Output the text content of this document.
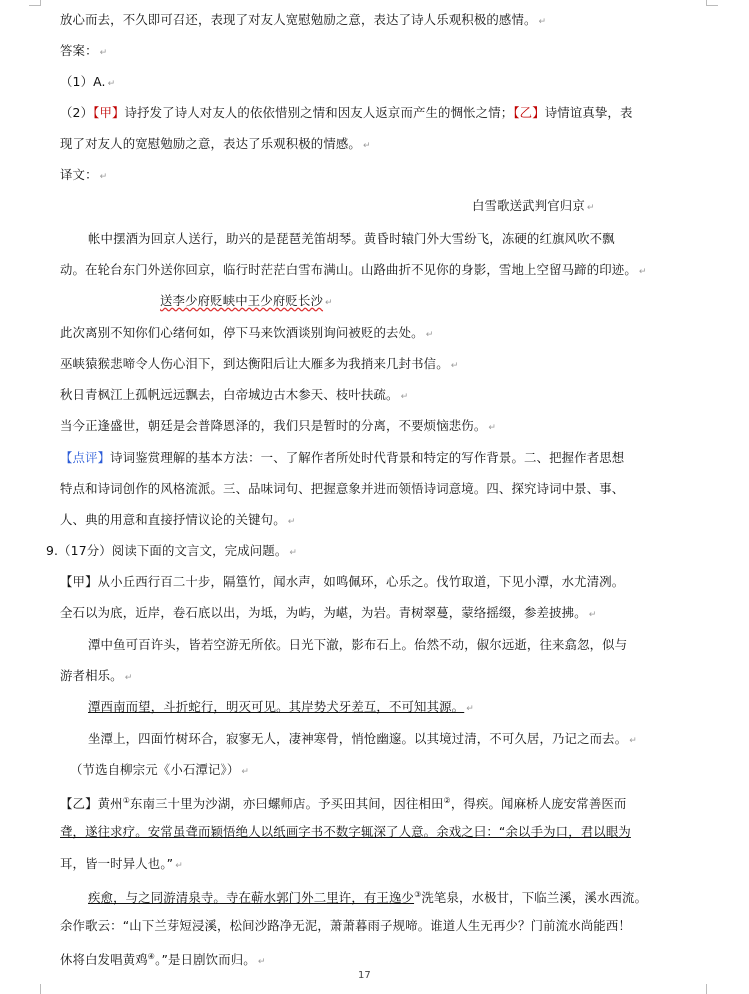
放心而去，不久即可召还，表现了对友人宽慰勉励之意，表达了诗人乐观积极的感情。 ↵
答案： ↵
（1）A. ↵
（2）【甲】诗抒发了诗人对友人的依依惜别之情和因友人返京而产生的惆怅之情；【乙】诗情谊真挚，表
现了对友人的宽慰勉励之意，表达了乐观积极的情感。 ↵
译文： ↵
白雪歌送武判官归京 ↵
帐中摆酒为回京人送行，助兴的是琵琶羌笛胡琴。黄昏时辕门外大雪纷飞，冻硬的红旗风吹不飘
动。在轮台东门外送你回京，临行时茫茫白雪布满山。山路曲折不见你的身影，雪地上空留马蹄的印迹。 ↵
送李少府贬峡中王少府贬长沙 ↵
此次离别不知你们心绪何如，停下马来饮酒谈别询问被贬的去处。 ↵
巫峡猿猴悲啼令人伤心泪下，到达衡阳后让大雁多为我捎来几封书信。 ↵
秋日青枫江上孤帆远远飘去，白帝城边古木参天、枝叶扶疏。 ↵
当今正逢盛世，朝廷是会普降恩泽的，我们只是暂时的分离，不要烦恼悲伤。 ↵
【点评】诗词鉴赏理解的基本方法：一、了解作者所处时代背景和特定的写作背景。二、把握作者思想
特点和诗词创作的风格流派。三、品味词句、把握意象并进而领悟诗词意境。四、探究诗词中景、事、
人、典的用意和直接抒情议论的关键句。 ↵
9.（17分）阅读下面的文言文，完成问题。 ↵
【甲】从小丘西行百二十步，隔篁竹，闻水声，如鸣佩环，心乐之。伐竹取道，下见小潭，水尤清冽。
全石以为底，近岸，卷石底以出，为坻，为屿，为嵁，为岩。青树翠蔓，蒙络摇缀，参差披拂。 ↵
潭中鱼可百许头，皆若空游无所依。日光下澈，影布石上。佁然不动，俶尔远逝，往来翕忽，似与
游者相乐。 ↵
潭西南而望，斗折蛇行，明灭可见。其岸势犬牙差互，不可知其源。 ↵
坐潭上，四面竹树环合，寂寥无人，凄神寒骨，悄怆幽邃。以其境过清，不可久居，乃记之而去。 ↵
（节选自柳宗元《小石潭记》） ↵
【乙】黄州①东南三十里为沙湖，亦曰螺师店。予买田其间，因往相田②，得疾。闻麻桥人庞安常善医而
聋，遂往求疗。安常虽聋而颖悟绝人以纸画字书不数字辄深了人意。余戏之曰：“余以手为口，君以眼为
耳，皆一时异人也。” ↵
疾愈，与之同游清泉寺。寺在蕲水郭门外二里许，有王逸少③洗笔泉，水极甘，下临兰溪，溪水西流。
余作歌云：“山下兰芽短浸溪，松间沙路净无泥，萧萧暮雨子规啼。谁道人生无再少？门前流水尚能西！
休将白发唱黄鸡④。”是日剧饮而归。 ↵
17
